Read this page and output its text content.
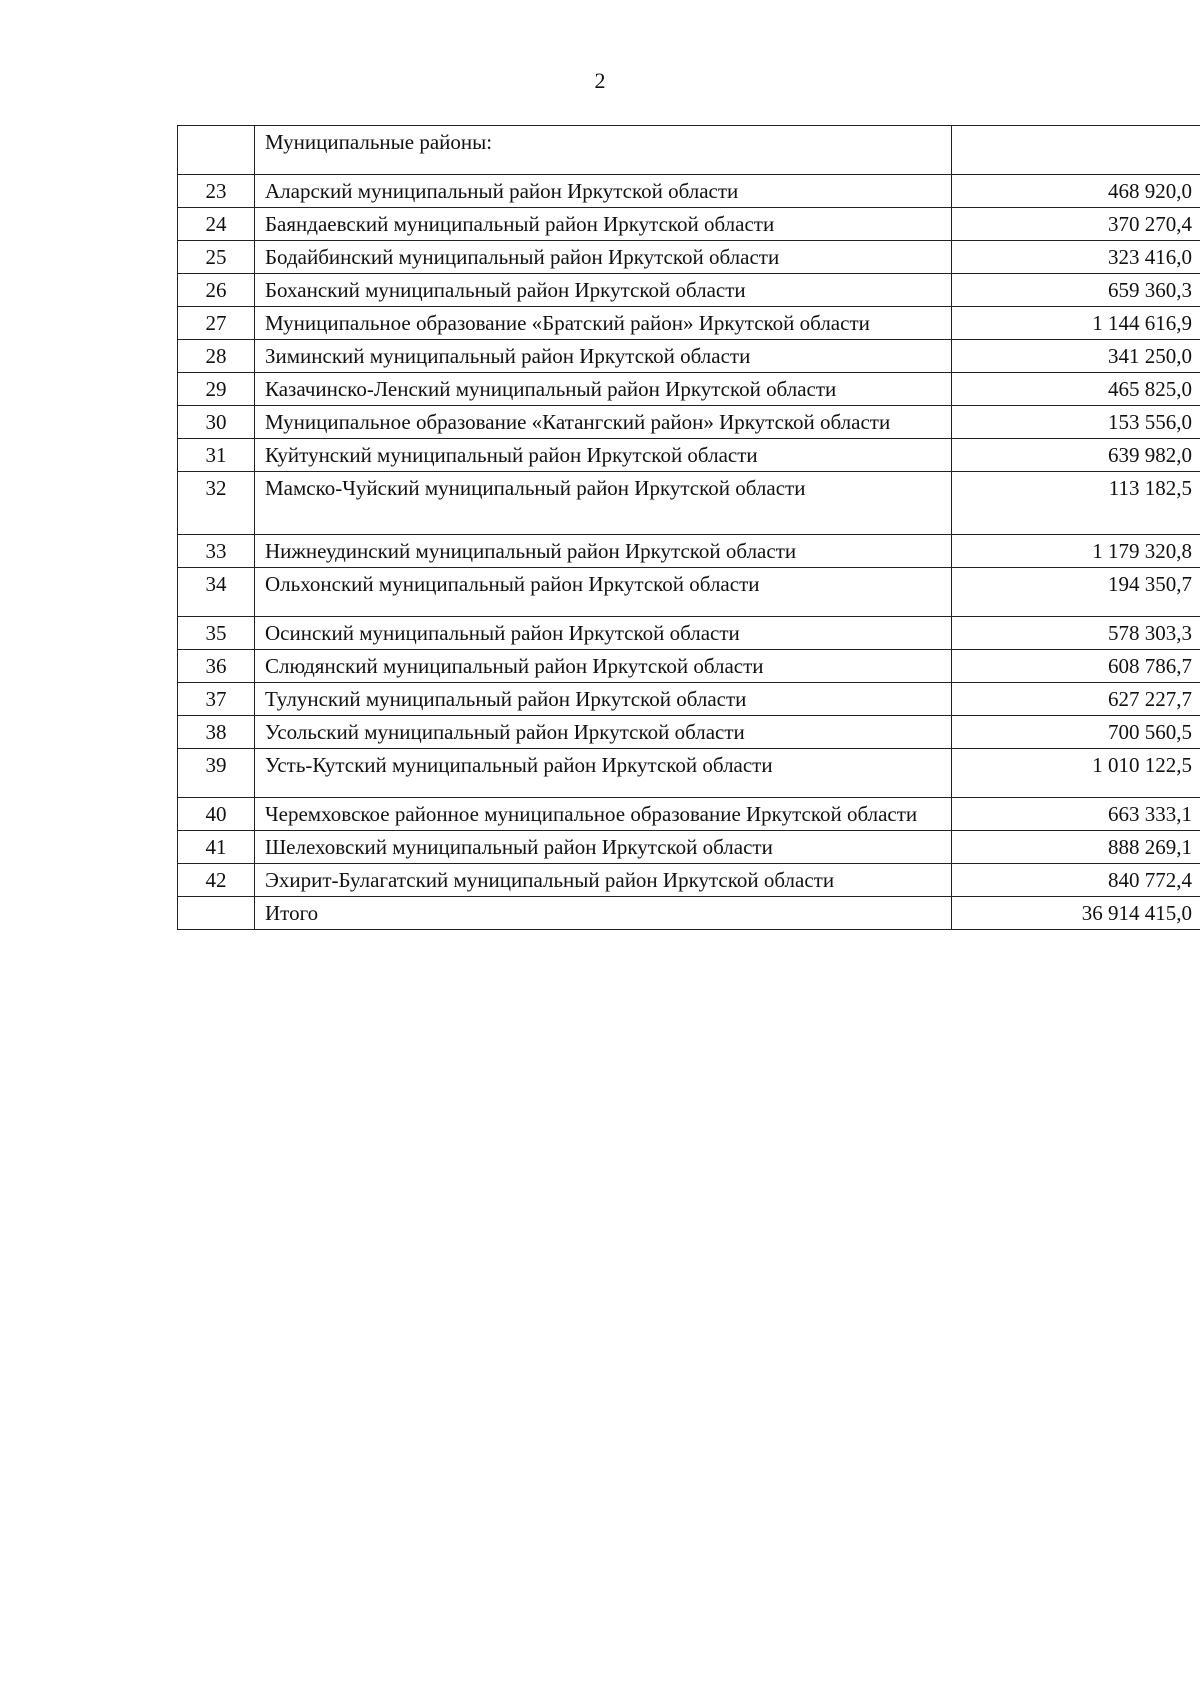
2
	Муниципальные районы:	
23	Аларский муниципальный район Иркутской области	468 920,0
24	Баяндаевский муниципальный район Иркутской области	370 270,4
25	Бодайбинский муниципальный район Иркутской области	323 416,0
26	Боханский муниципальный район Иркутской области	659 360,3
27	Муниципальное образование «Братский район» Иркутской области	1 144 616,9
28	Зиминский муниципальный район Иркутской области	341 250,0
29	Казачинско-Ленский муниципальный район Иркутской области	465 825,0
30	Муниципальное образование «Катангский район» Иркутской области	153 556,0
31	Куйтунский муниципальный район Иркутской области	639 982,0
32	Мамско-Чуйский муниципальный район Иркутской области	113 182,5
33	Нижнеудинский муниципальный район Иркутской области	1 179 320,8
34	Ольхонский муниципальный район Иркутской области	194 350,7
35	Осинский муниципальный район Иркутской области	578 303,3
36	Слюдянский муниципальный район Иркутской области	608 786,7
37	Тулунский муниципальный район Иркутской области	627 227,7
38	Усольский муниципальный район Иркутской области	700 560,5
39	Усть-Кутский муниципальный район Иркутской области	1 010 122,5
40	Черемховское районное муниципальное образование Иркутской области	663 333,1
41	Шелеховский муниципальный район Иркутской области	888 269,1
42	Эхирит-Булагатский муниципальный район Иркутской области	840 772,4
	Итого	36 914 415,0
